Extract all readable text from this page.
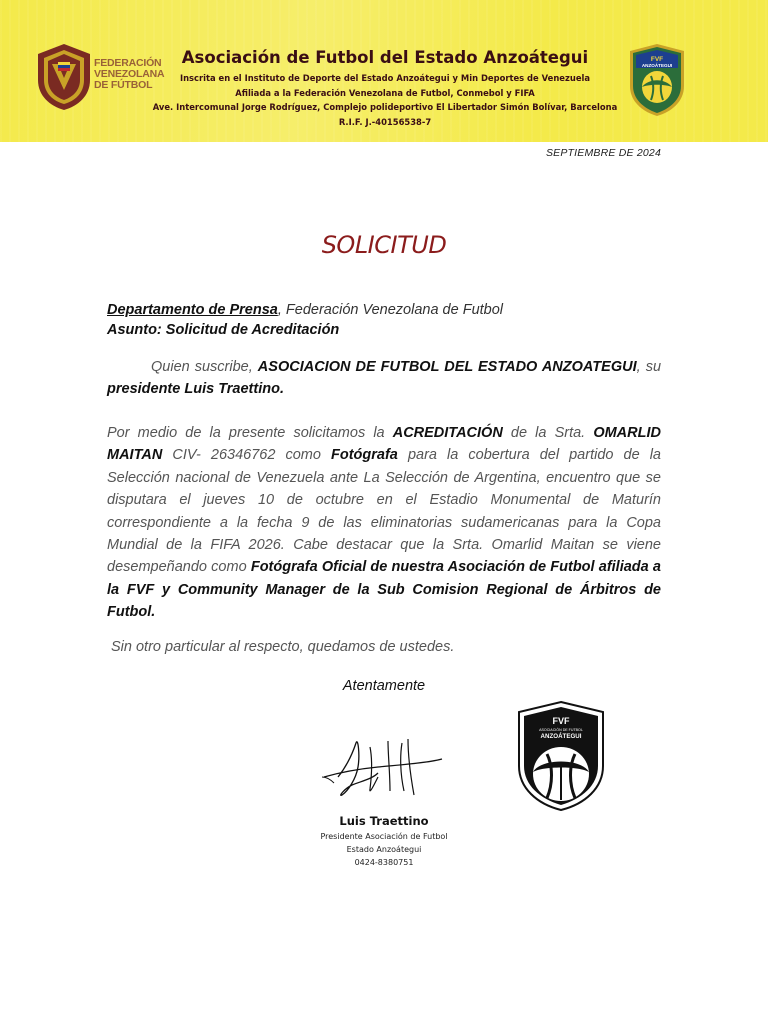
FEDERACIÓN
VENEZOLANA
DE FÚTBOL
Asociación de Futbol del Estado Anzoátegui
Inscrita en el Instituto de Deporte del Estado Anzoátegui y Min Deportes de Venezuela
Afiliada a la Federación Venezolana de Futbol, Conmebol y FIFA
Ave. Intercomunal Jorge Rodríguez, Complejo polideportivo El Libertador Simón Bolívar, Barcelona
R.I.F. J.-40156538-7
FVF
ANZOÁTEGUI
SEPTIEMBRE DE 2024
SOLICITUD
Departamento de Prensa, Federación Venezolana de Futbol
Asunto: Solicitud de Acreditación
Quien suscribe, ASOCIACION DE FUTBOL DEL ESTADO ANZOATEGUI, su presidente Luis Traettino.
Por medio de la presente solicitamos la ACREDITACIÓN de la Srta. OMARLID MAITAN CIV- 26346762 como Fotógrafa para la cobertura del partido de la Selección nacional de Venezuela ante La Selección de Argentina, encuentro que se disputara el jueves 10 de octubre en el Estadio Monumental de Maturín correspondiente a la fecha 9 de las eliminatorias sudamericanas para la Copa Mundial de la FIFA 2026. Cabe destacar que la Srta. Omarlid Maitan se viene desempeñando como Fotógrafa Oficial de nuestra Asociación de Futbol afiliada a la FVF y Community Manager de la Sub Comision Regional de Árbitros de Futbol.
Sin otro particular al respecto, quedamos de ustedes.
Atentamente
Luis Traettino
Presidente Asociación de Futbol
Estado Anzoátegui
0424-8380751
FVF
ASOCIACIÓN DE FUTBOL
ANZOÁTEGUI
